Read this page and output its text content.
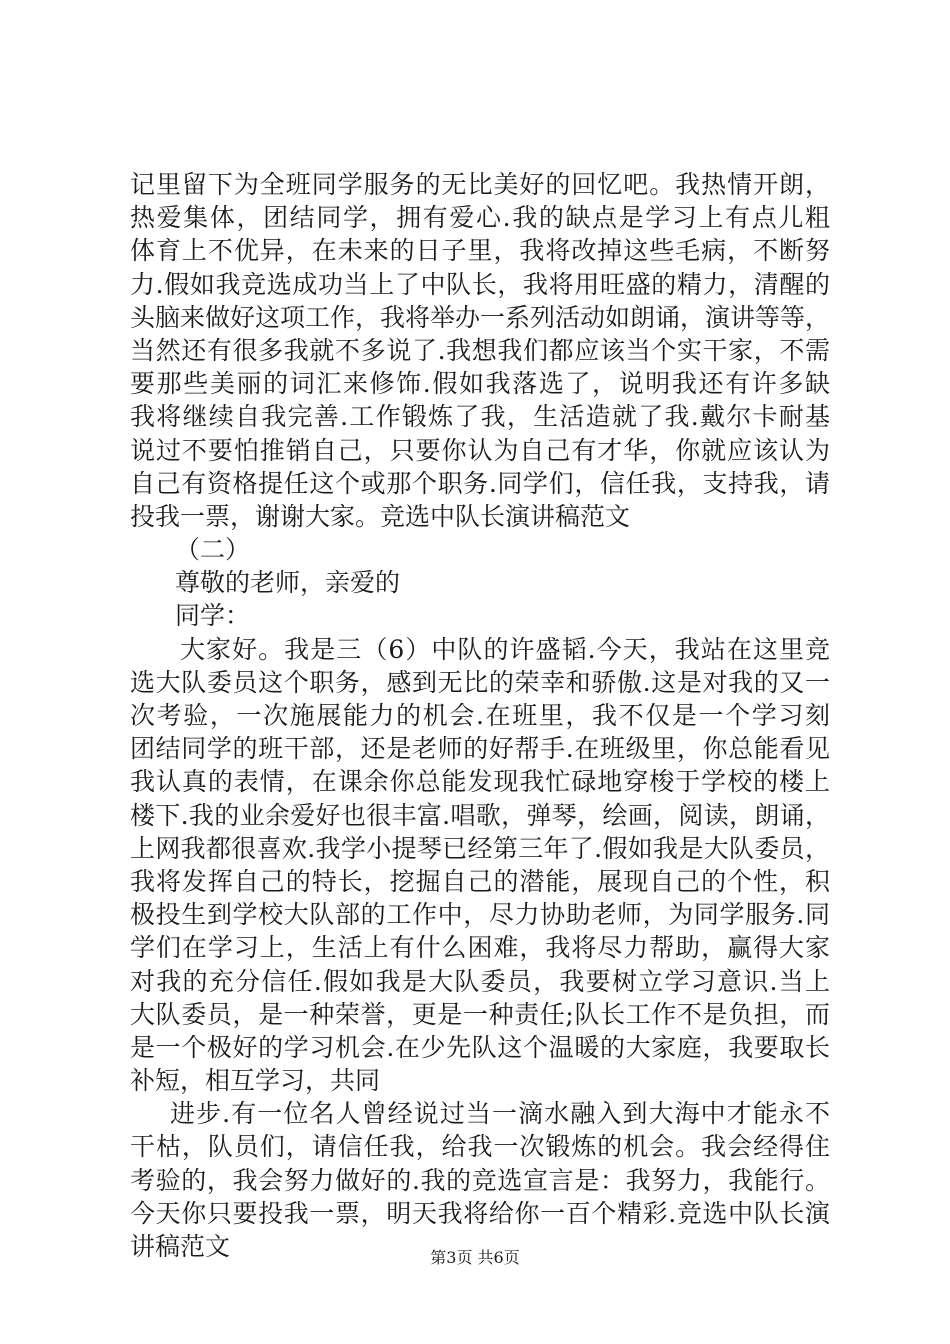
记里留下为全班同学服务的无比美好的回忆吧。我热情开朗，
热爱集体，团结同学，拥有爱心.我的缺点是学习上有点儿粗
体育上不优异，在未来的日子里，我将改掉这些毛病，不断努
力.假如我竞选成功当上了中队长，我将用旺盛的精力，清醒的
头脑来做好这项工作，我将举办一系列活动如朗诵，演讲等等，
当然还有很多我就不多说了.我想我们都应该当个实干家，不需
要那些美丽的词汇来修饰.假如我落选了，说明我还有许多缺
我将继续自我完善.工作锻炼了我，生活造就了我.戴尔卡耐基
说过不要怕推销自己，只要你认为自己有才华，你就应该认为
自己有资格提任这个或那个职务.同学们，信任我，支持我，请
投我一票，谢谢大家。竞选中队长演讲稿范文
（二）
尊敬的老师，亲爱的
同学：
大家好。我是三（6）中队的许盛韬.今天，我站在这里竞
选大队委员这个职务，感到无比的荣幸和骄傲.这是对我的又一
次考验，一次施展能力的机会.在班里，我不仅是一个学习刻
团结同学的班干部，还是老师的好帮手.在班级里，你总能看见
我认真的表情，在课余你总能发现我忙碌地穿梭于学校的楼上
楼下.我的业余爱好也很丰富.唱歌，弹琴，绘画，阅读，朗诵，
上网我都很喜欢.我学小提琴已经第三年了.假如我是大队委员，
我将发挥自己的特长，挖掘自己的潜能，展现自己的个性，积
极投生到学校大队部的工作中，尽力协助老师，为同学服务.同
学们在学习上，生活上有什么困难，我将尽力帮助，赢得大家
对我的充分信任.假如我是大队委员，我要树立学习意识.当上
大队委员，是一种荣誉，更是一种责任;队长工作不是负担，而
是一个极好的学习机会.在少先队这个温暖的大家庭，我要取长
补短，相互学习，共同
进步.有一位名人曾经说过当一滴水融入到大海中才能永不
干枯，队员们，请信任我，给我一次锻炼的机会。我会经得住
考验的，我会努力做好的.我的竞选宣言是：我努力，我能行。
今天你只要投我一票，明天我将给你一百个精彩.竞选中队长演
讲稿范文	第3页 共6页
